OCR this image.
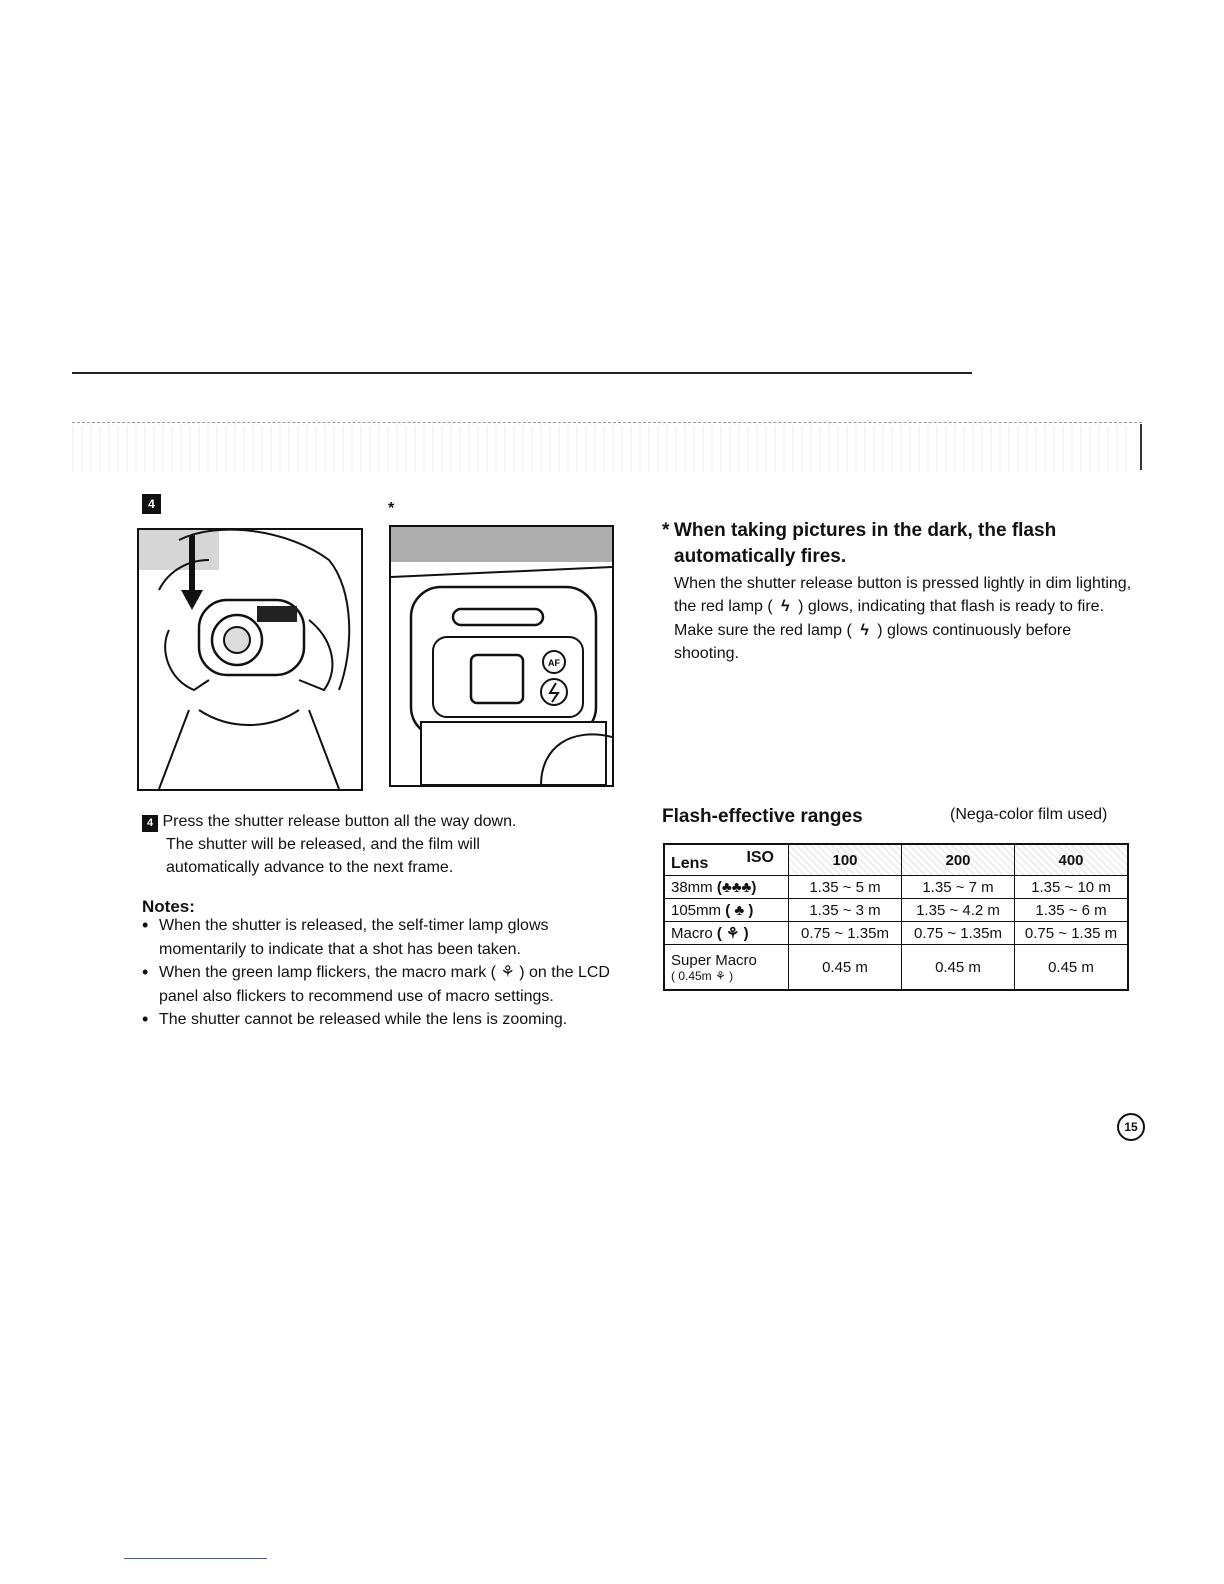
4	*
AF
4 Press the shutter release button all the way down.
The shutter will be released, and the film will
automatically advance to the next frame.
Notes:
• When the shutter is released, the self-timer lamp glows momentarily to indicate that a shot has been taken.
• When the green lamp flickers, the macro mark ( ⚘ ) on the LCD panel also flickers to recommend use of macro settings.
• The shutter cannot be released while the lens is zooming.
* When taking pictures in the dark, the flash automatically fires.
When the shutter release button is pressed lightly in dim lighting, the red lamp ( ϟ ) glows, indicating that flash is ready to fire. Make sure the red lamp ( ϟ ) glows continuously before shooting.
Flash-effective ranges	(Nega-color film used)
Lens ISO	100	200	400
38mm (♣♣♣)	1.35 ~ 5 m	1.35 ~ 7 m	1.35 ~ 10 m
105mm ( ♣ )	1.35 ~ 3 m	1.35 ~ 4.2 m	1.35 ~ 6 m
Macro ( ⚘ )	0.75 ~ 1.35m	0.75 ~ 1.35m	0.75 ~ 1.35 m

Super Macro
( 0.45m ⚘ )	0.45 m	0.45 m	0.45 m
15
